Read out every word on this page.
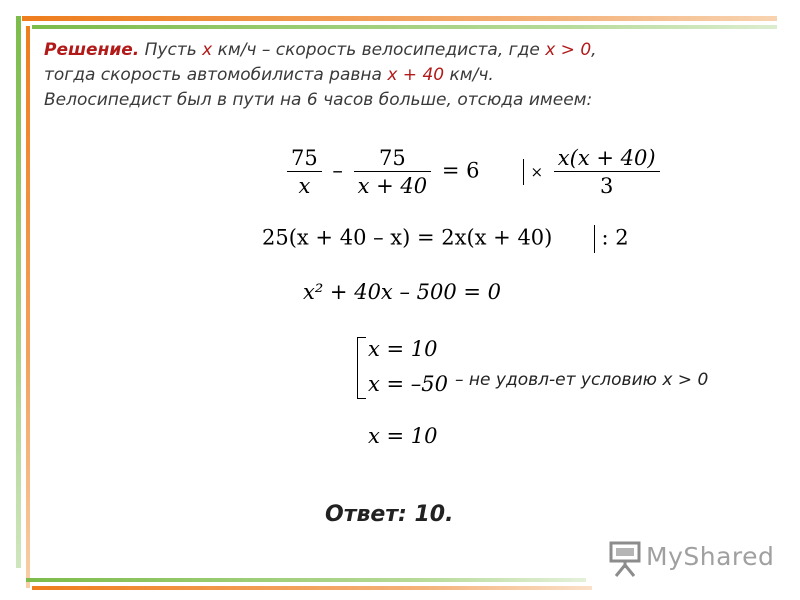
Решение. Пусть x км/ч – скорость велосипедиста, где x > 0,
тогда скорость автомобилиста равна x + 40 км/ч.
Велосипедист был в пути на 6 часов больше, отсюда имеем:
$\frac{75}{x} - \frac{75}{x + 40} = 6$	× $\frac{x(x + 40)}{3}$
25(x + 40 – x) = 2x(x + 40) : 2
x² + 40x – 500 = 0
x = 10
x = –50 – не удовл-ет условию x > 0
x = 10
Ответ: 10.
MyShared
